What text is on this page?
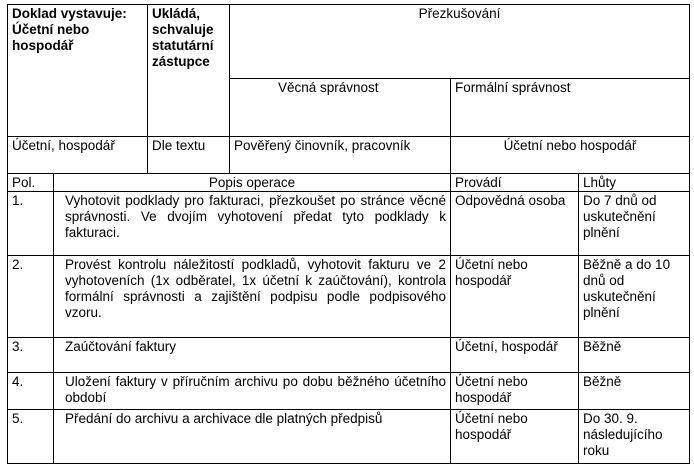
Doklad vystavuje: Účetní nebo hospodář		Ukládá, schvaluje statutární zástupce	Přezkušování		
			Věcná správnost	Formální správnost	
Účetní, hospodář		Dle textu	Pověřený činovník, pracovník	Účetní nebo hospodář	
Pol.	Popis operace			Provádí	Lhůty
1.	Vyhotovit podklady pro fakturaci, přezkoušet po stránce věcné správnosti. Ve dvojím vyhotovení předat tyto podklady k fakturaci.			Odpovědná osoba	Do 7 dnů od uskutečnění plnění
2.	Provést kontrolu náležitostí podkladů, vyhotovit fakturu ve 2 vyhotoveních (1x odběratel, 1x účetní k zaúčtování), kontrola formální správnosti a zajištění podpisu podle podpisového vzoru.			Účetní nebo hospodář	Běžně a do 10 dnů od uskutečnění plnění
3.	Zaúčtování faktury			Účetní, hospodář	Běžně
4.	Uložení faktury v příručním archivu po dobu běžného účetního období			Účetní nebo hospodář	Běžně
5.	Předání do archivu a archivace dle platných předpisů			Účetní nebo hospodář	Do 30. 9. následujícího roku
